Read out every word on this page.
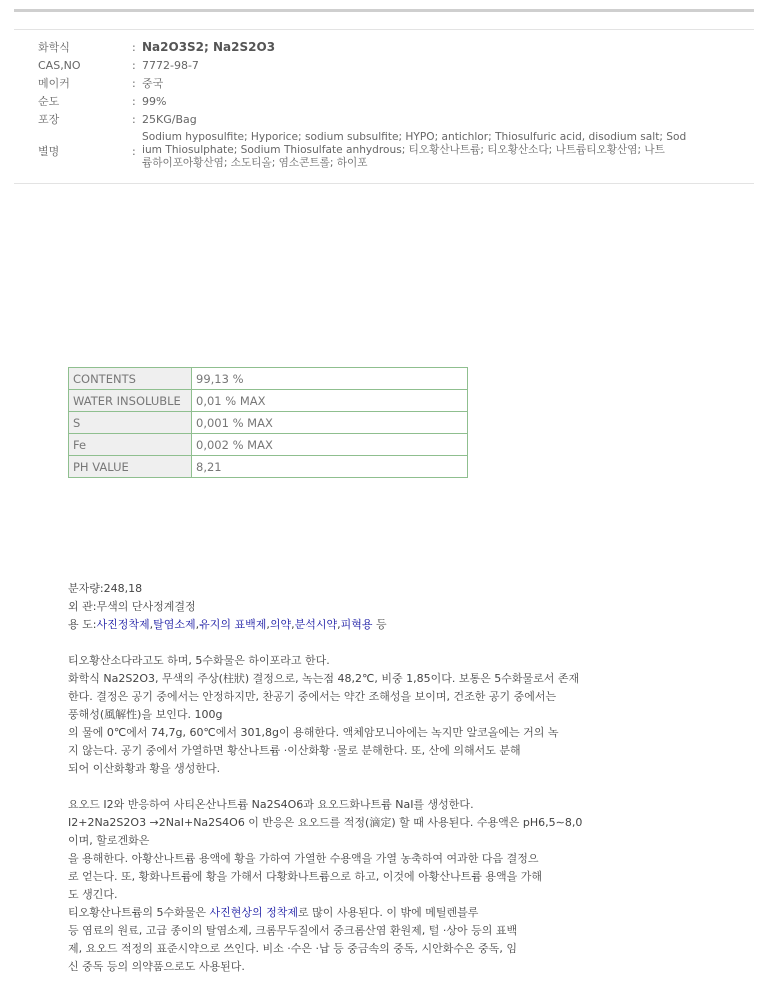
화학식	: Na2O3S2; Na2S2O3
CAS,NO	: 7772-98-7
메이커	: 중국
순도	: 99%
포장	: 25KG/Bag
별명	:
Sodium hyposulfite; Hyporice; sodium subsulfite; HYPO; antichlor; Thiosulfuric acid, disodium salt; Sod
ium Thiosulphate; Sodium Thiosulfate anhydrous; 티오황산나트륨; 티오황산소다; 나트륨티오황산염; 나트
륨하이포아황산염; 소도티올; 염소콘트롤; 하이포
CONTENTS	99,13 %
WATER INSOLUBLE	0,01 % MAX
S	0,001 % MAX
Fe	0,002 % MAX
PH VALUE	8,21
분자량:248,18
외 관:무색의 단사정계결정
용 도:사진정착제,탈염소제,유지의 표백제,의약,분석시약,피혁용 등
티오황산소다라고도 하며, 5수화물은 하이포라고 한다.
화학식 Na2S2O3, 무색의 주상(柱狀) 결정으로, 녹는점 48,2℃, 비중 1,85이다. 보통은 5수화물로서 존재
한다. 결정은 공기 중에서는 안정하지만, 찬공기 중에서는 약간 조해성을 보이며, 건조한 공기 중에서는
풍해성(風解性)을 보인다. 100g
의 물에 0℃에서 74,7g, 60℃에서 301,8g이 용해한다. 액체암모니아에는 녹지만 알코올에는 거의 녹
지 않는다. 공기 중에서 가열하면 황산나트륨 ·이산화황 ·물로 분해한다. 또, 산에 의해서도 분해
되어 이산화황과 황을 생성한다.
요오드 I2와 반응하여 사티온산나트륨 Na2S4O6과 요오드화나트륨 NaI를 생성한다.
I2+2Na2S2O3 →2NaI+Na2S4O6 이 반응은 요오드를 적정(滴定) 할 때 사용된다. 수용액은 pH6,5∼8,0
이며, 할로겐화은
을 용해한다. 아황산나트륨 용액에 황을 가하여 가열한 수용액을 가열 농축하여 여과한 다음 결정으
로 얻는다. 또, 황화나트륨에 황을 가해서 다황화나트륨으로 하고, 이것에 아황산나트륨 용액을 가해
도 생긴다.
티오황산나트륨의 5수화물은 사진현상의 정착제로 많이 사용된다. 이 밖에 메틸렌블루
등 염료의 원료, 고급 종이의 탈염소제, 크롬무두질에서 중크롬산염 환원제, 털 ·상아 등의 표백
제, 요오드 적정의 표준시약으로 쓰인다. 비소 ·수은 ·납 등 중금속의 중독, 시안화수은 중독, 임
신 중독 등의 의약품으로도 사용된다.
